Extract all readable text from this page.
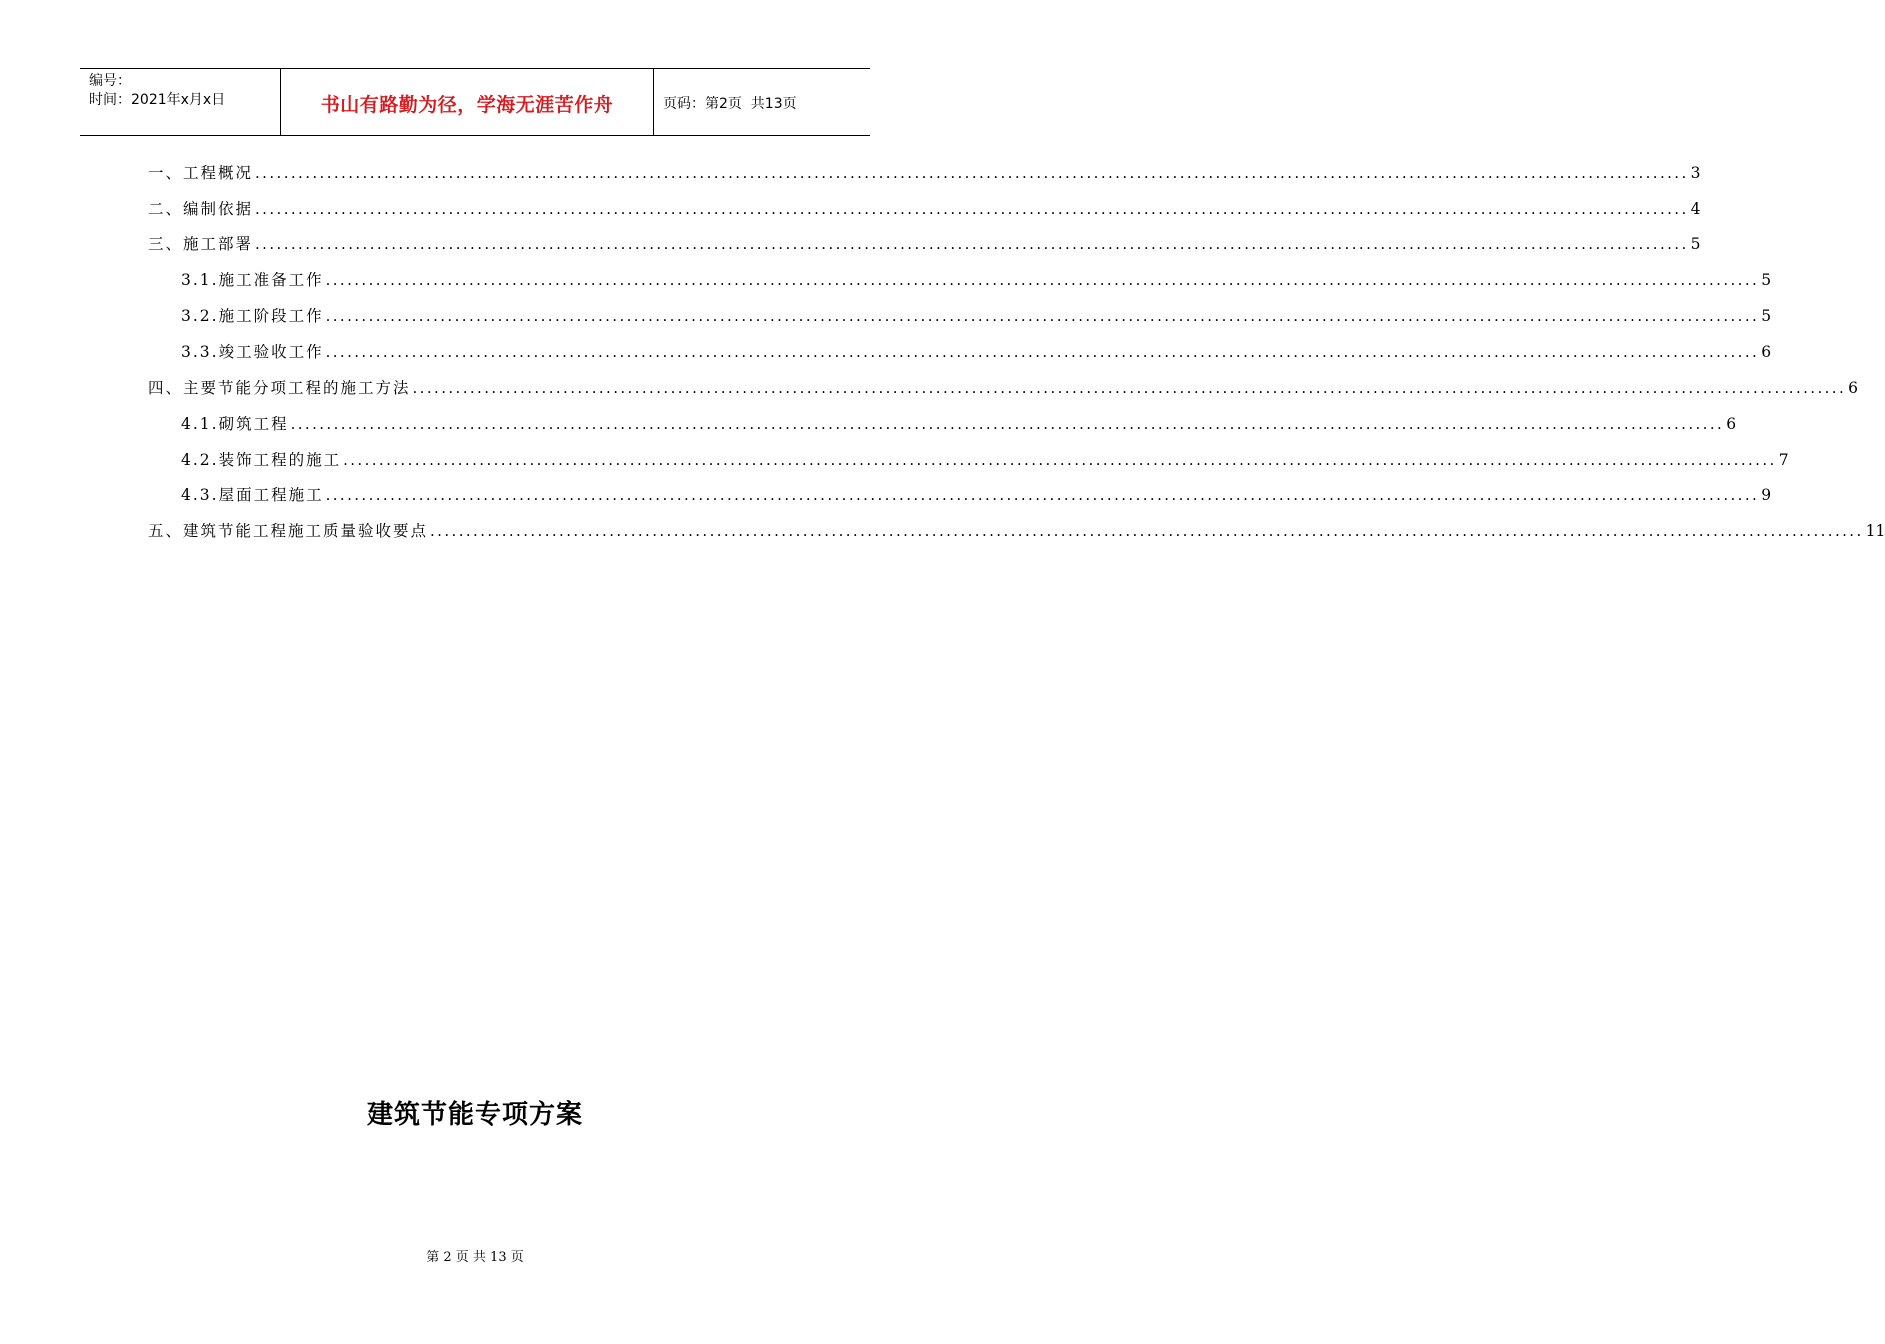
编号：
时间：2021年x月x日	书山有路勤为径，学海无涯苦作舟	页码：第2页  共13页
一、工程概况 ........................................................................................................................................................................................................ 3
二、编制依据 ........................................................................................................................................................................................................ 4
三、施工部署 ........................................................................................................................................................................................................ 5
3.1.施工准备工作 ........................................................................................................................................................................................................ 5
3.2.施工阶段工作 ........................................................................................................................................................................................................ 5
3.3.竣工验收工作 ........................................................................................................................................................................................................ 6
四、主要节能分项工程的施工方法 ........................................................................................................................................................................................................ 6
4.1.砌筑工程 ........................................................................................................................................................................................................ 6
4.2.装饰工程的施工 ........................................................................................................................................................................................................ 7
4.3.屋面工程施工 ........................................................................................................................................................................................................ 9
五、建筑节能工程施工质量验收要点 ........................................................................................................................................................................................................ 11
建筑节能专项方案
第 2 页 共 13 页
